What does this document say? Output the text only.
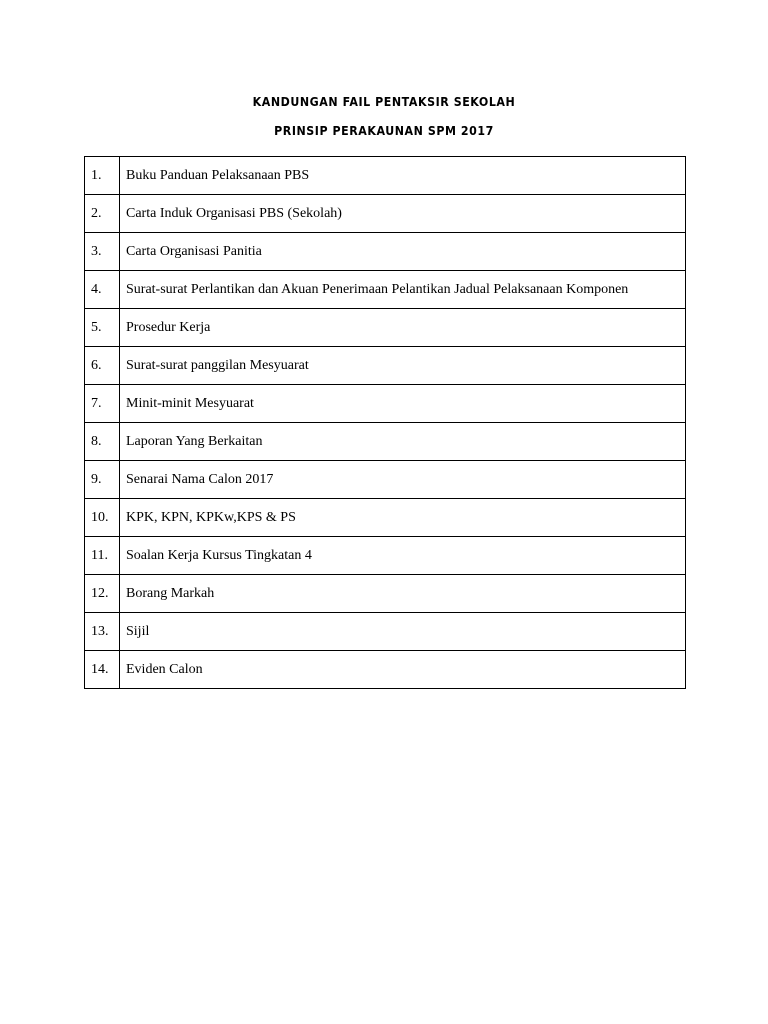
KANDUNGAN FAIL PENTAKSIR SEKOLAH
PRINSIP PERAKAUNAN SPM 2017
1.	Buku Panduan Pelaksanaan PBS
2.	Carta Induk Organisasi PBS (Sekolah)
3.	Carta Organisasi Panitia
4.	Surat-surat Perlantikan dan Akuan Penerimaan Pelantikan Jadual Pelaksanaan Komponen
5.	Prosedur Kerja
6.	Surat-surat panggilan Mesyuarat
7.	Minit-minit Mesyuarat
8.	Laporan Yang Berkaitan
9.	Senarai Nama Calon 2017
10.	KPK, KPN, KPKw,KPS & PS
11.	Soalan Kerja Kursus Tingkatan 4
12.	Borang Markah
13.	Sijil
14.	Eviden Calon
